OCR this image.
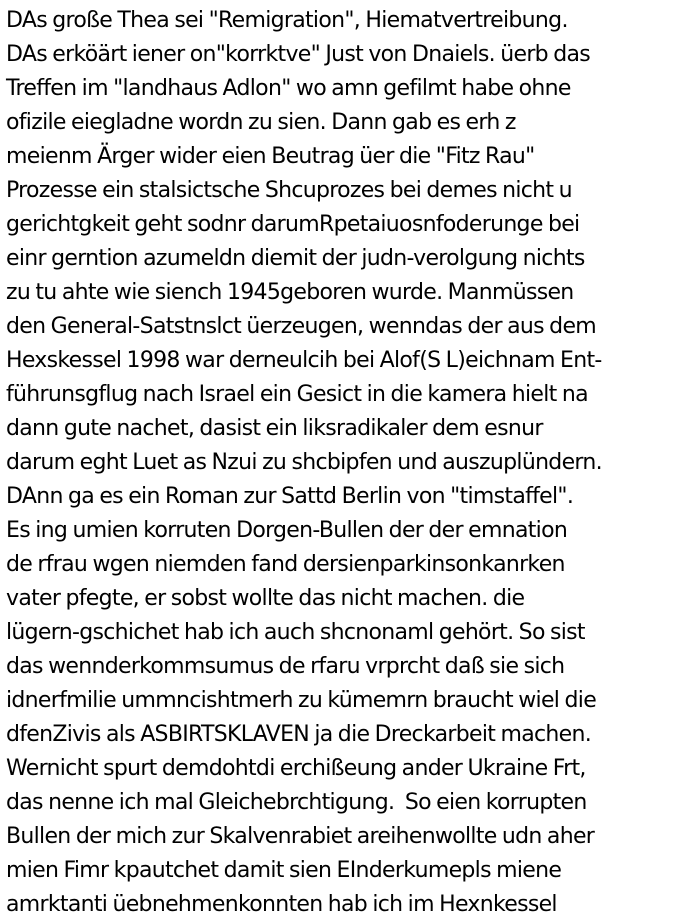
DAs große Thea sei "Remigration", Hiematvertreibung.
DAs erköärt iener on"korrktve" Just von Dnaiels. üerb das
Treffen im "landhaus Adlon" wo amn gefilmt habe ohne
ofizile eiegladne wordn zu sien. Dann gab es erh z
meienm Ärger wider eien Beutrag üer die "Fitz Rau"
Prozesse ein stalsictsche Shcuprozes bei demes nicht u
gerichtgkeit geht sodnr darumRpetaiuosnfoderunge bei
einr gerntion azumeldn diemit der judn-verolgung nichts
zu tu ahte wie siench 1945geboren wurde. Manmüssen
den General-Satstnslct üerzeugen, wenndas der aus dem
Hexskessel 1998 war derneulcih bei Alof(S L)eichnam Ent-
führunsgflug nach Israel ein Gesict in die kamera hielt na
dann gute nachet, dasist ein liksradikaler dem esnur
darum eght Luet as Nzui zu shcbipfen und auszuplündern.
DAnn ga es ein Roman zur Sattd Berlin von "timstaffel".
Es ing umien korruten Dorgen-Bullen der der emnation
de rfrau wgen niemden fand dersienparkinsonkanrken
vater pfegte, er sobst wollte das nicht machen. die
lügern-gschichet hab ich auch shcnonaml gehört. So sist
das wennderkommsumus de rfaru vrprcht daß sie sich
idnerfmilie ummncishtmerh zu kümemrn braucht wiel die
dfenZivis als ASBIRTSKLAVEN ja die Dreckarbeit machen.
Wernicht spurt demdohtdi erchißeung ander Ukraine Frt,
das nenne ich mal Gleichebrchtigung.  So eien korrupten
Bullen der mich zur Skalvenrabiet areihenwollte udn aher
mien Fimr kpautchet damit sien EInderkumepls miene
amrktanti üebnehmenkonnten hab ich im Hexnkessel
